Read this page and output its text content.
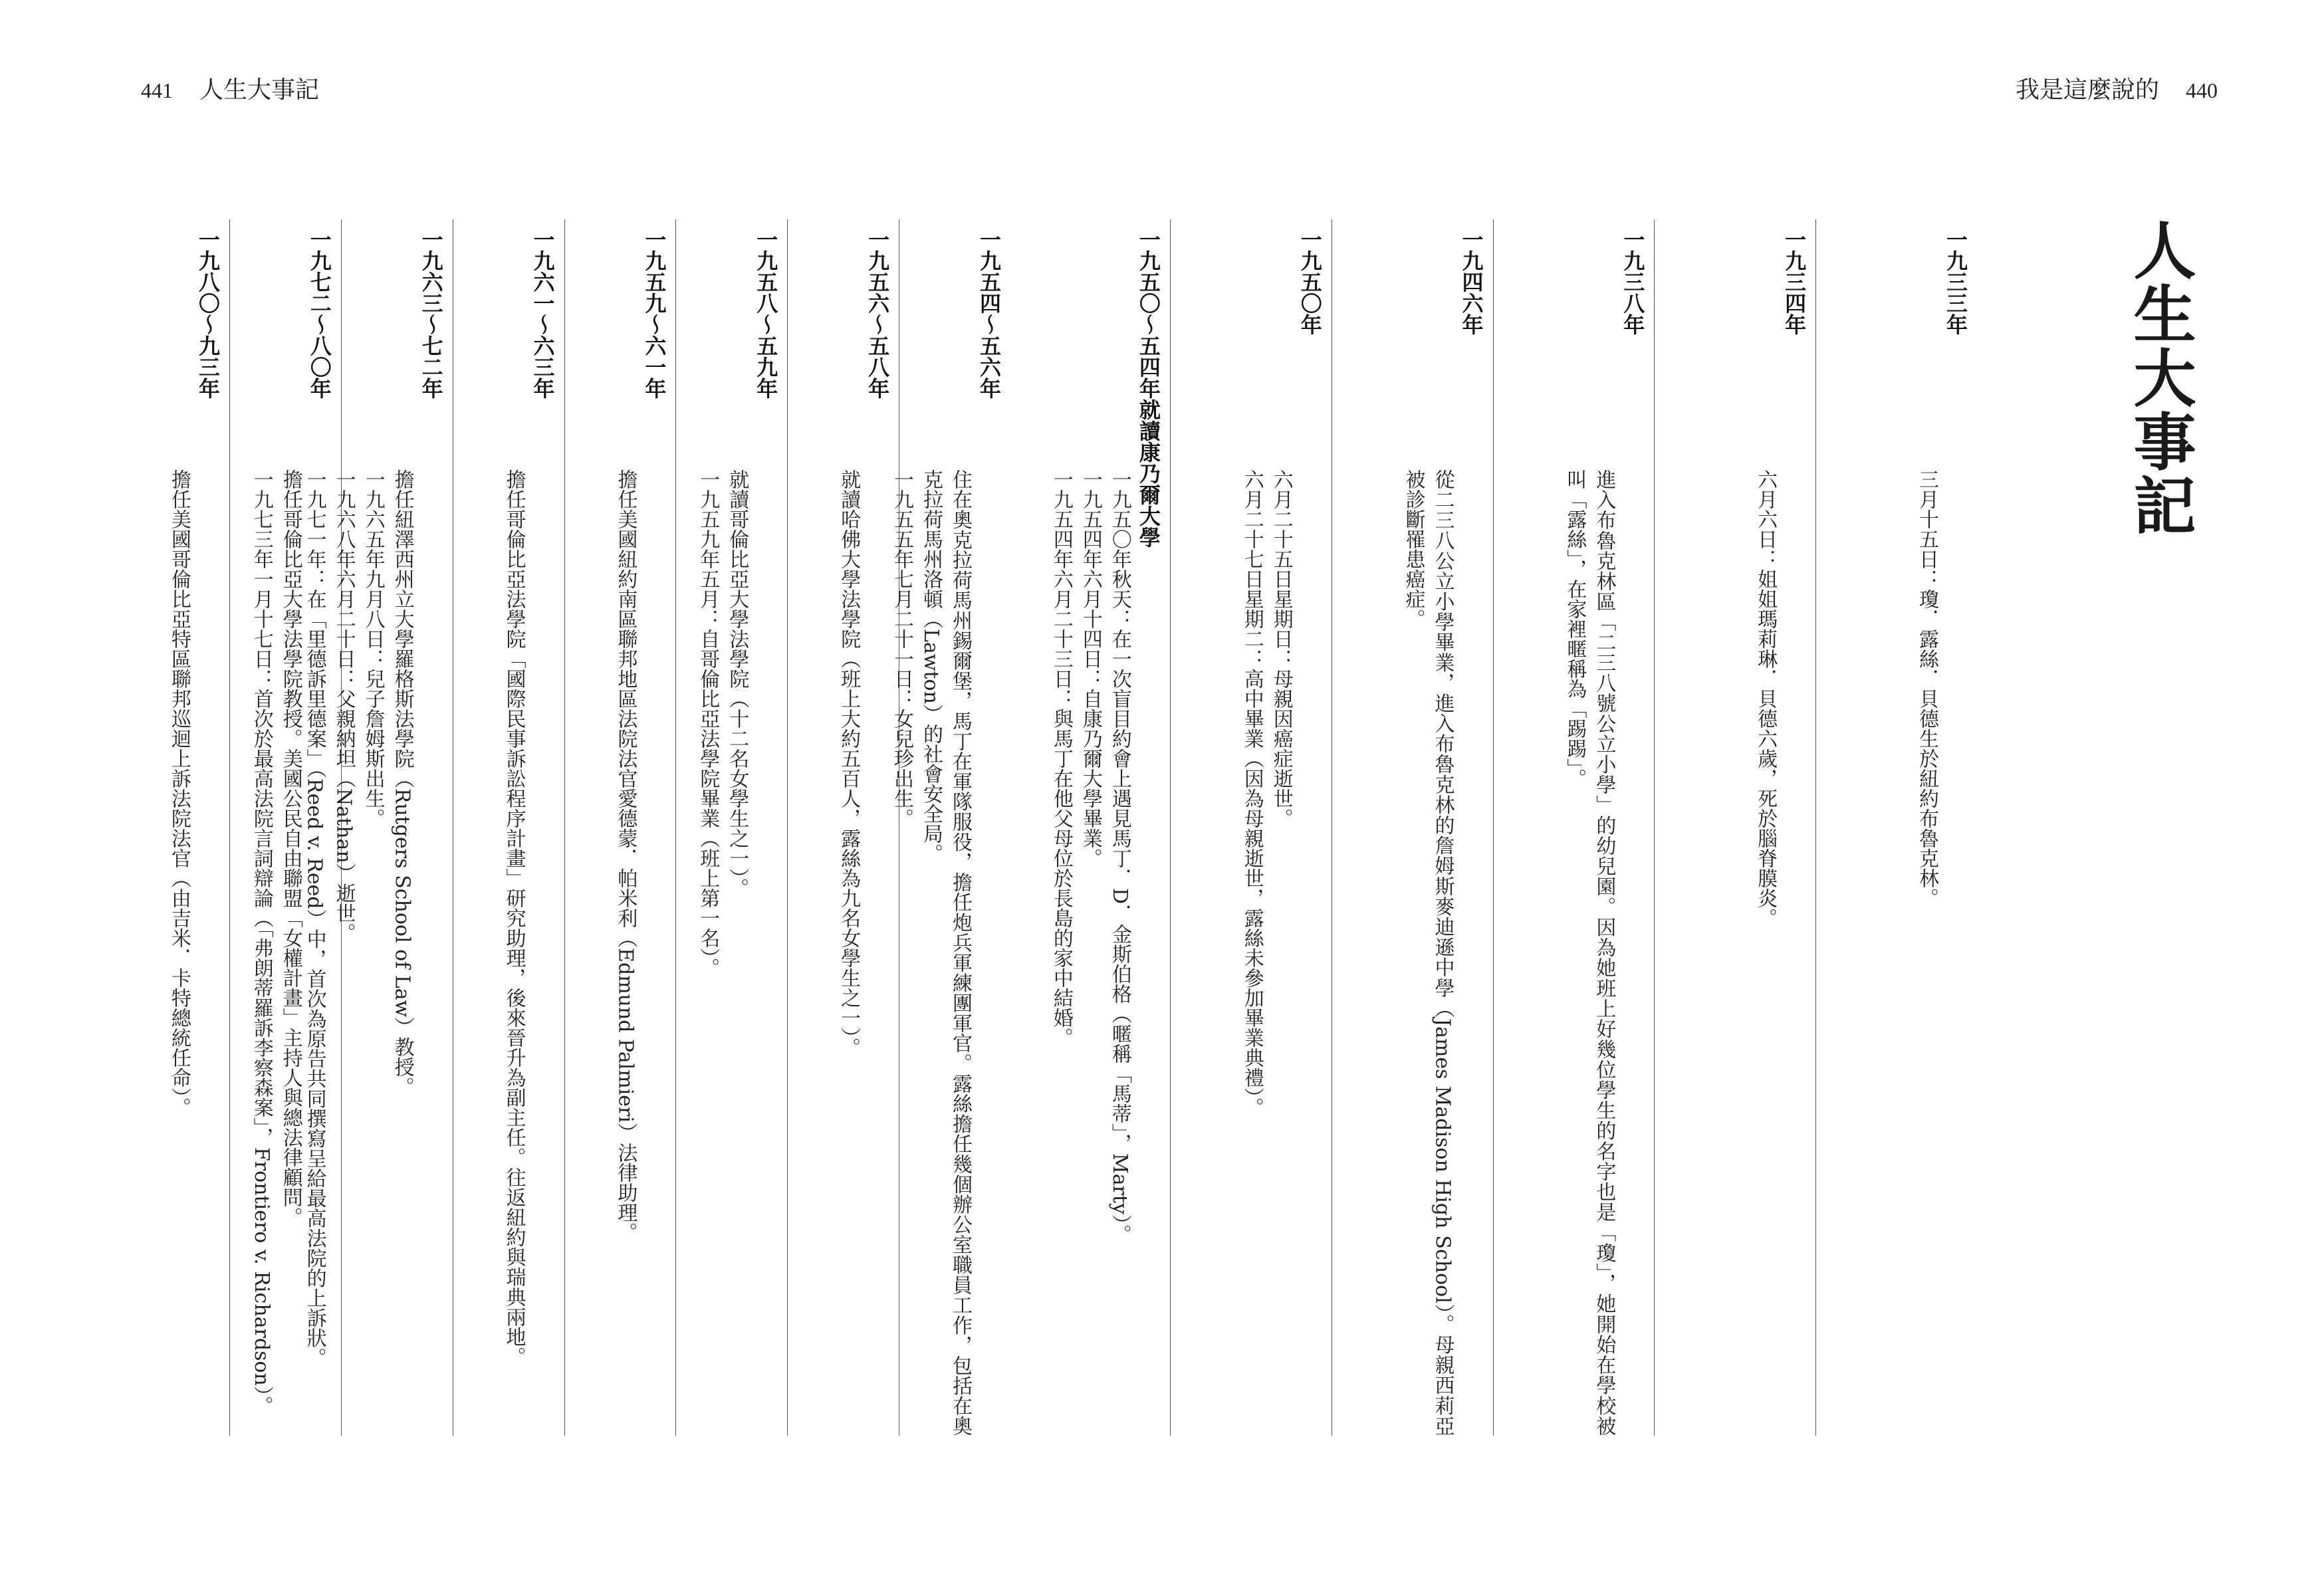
441 人生大事記	我是這麼說的 440
人生大事記
一九三三年

三月十五日：瓊．露絲．貝德生於紐約布魯克林。

一九三四年

六月六日：姐姐瑪莉琳．貝德六歲，死於腦脊膜炎。

一九三八年

進入布魯克林區「二三八號公立小學」的幼兒園。因為她班上好幾位學生的名字也是「瓊」，她開始在學校被叫「露絲」，在家裡暱稱為「踢踢」。

一九四六年

從二三八公立小學畢業，進入布魯克林的詹姆斯麥迪遜中學（James Madison High School）。母親西莉亞被診斷罹患癌症。

一九五〇年

六月二十五日星期日：母親因癌症逝世。

六月二十七日星期二：高中畢業（因為母親逝世，露絲未參加畢業典禮）。

一九五〇～五四年就讀康乃爾大學

一九五〇年秋天：在一次盲目約會上遇見馬丁．D．金斯伯格（暱稱「馬蒂」，Marty）。

一九五四年六月十四日：自康乃爾大學畢業。

一九五四年六月二十三日：與馬丁在他父母位於長島的家中結婚。

一九五四～五六年

住在奧克拉荷馬州錫爾堡，馬丁在軍隊服役，擔任炮兵軍練團軍官。露絲擔任幾個辦公室職員工作，包括在奧克拉荷馬州洛頓（Lawton）的社會安全局。

一九五五年七月二十一日：女兒珍出生。

一九五六～五八年

就讀哈佛大學法學院（班上大約五百人，露絲為九名女學生之一）。

一九五八～五九年

就讀哥倫比亞大學法學院（十二名女學生之一）。

一九五九年五月：自哥倫比亞法學院畢業（班上第一名）。

一九五九～六一年

擔任美國紐約南區聯邦地區法院法官愛德蒙．帕米利（Edmund Palmieri）法律助理。

一九六一～六三年

擔任哥倫比亞法學院「國際民事訴訟程序計畫」研究助理，後來晉升為副主任。往返紐約與瑞典兩地。

一九六三～七二年

擔任紐澤西州立大學羅格斯法學院（Rutgers School of Law）教授。

一九六五年九月八日：兒子詹姆斯出生。

一九六八年六月二十日：父親納坦（Nathan）逝世。

一九七一年：在「里德訴里德案」（Reed v. Reed）中，首次為原告共同撰寫呈給最高法院的上訴狀。

一九七二～八〇年

擔任哥倫比亞大學法學院教授。美國公民自由聯盟「女權計畫」主持人與總法律顧問。

一九七三年一月十七日：首次於最高法院言詞辯論（「弗朗蒂羅訴李察森案」，Frontiero v. Richardson）。

一九八〇～九三年

擔任美國哥倫比亞特區聯邦巡迴上訴法院法官（由吉米．卡特總統任命）。
